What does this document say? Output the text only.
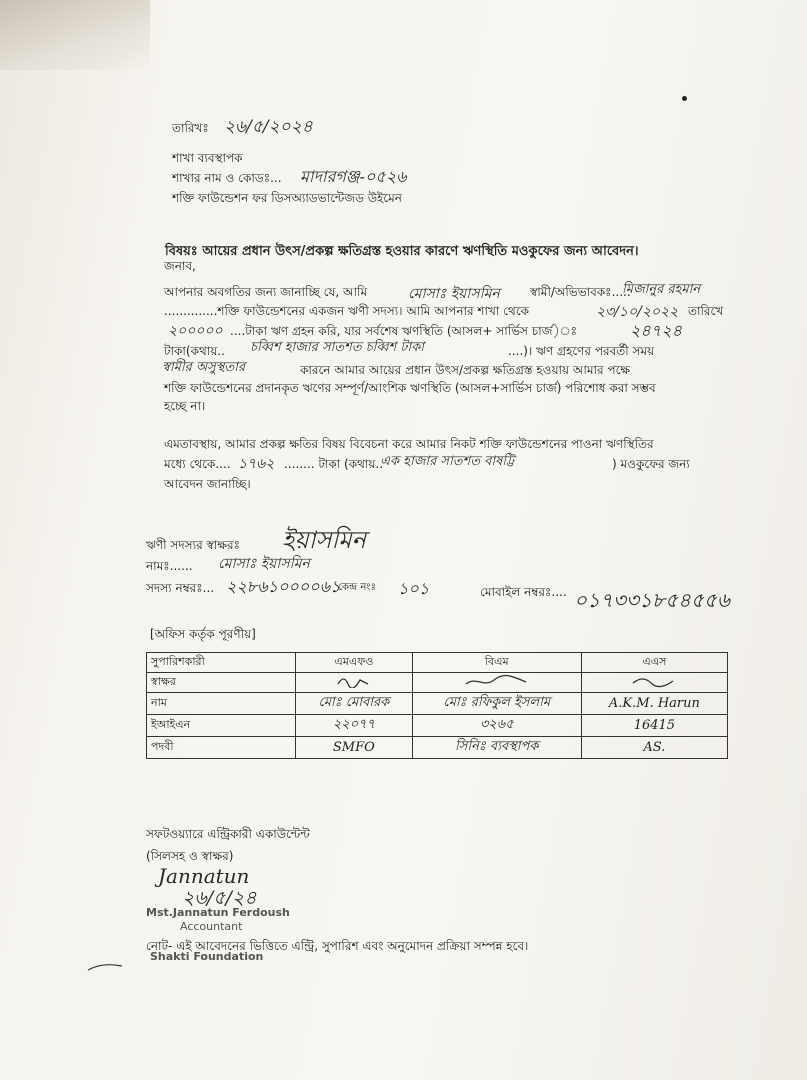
তারিখঃ ২৬/৫/২০২৪
শাখা ব্যবস্থাপক
শাখার নাম ও কোডঃ... মাদারগঞ্জ-০৫২৬
শক্তি ফাউন্ডেশন ফর ডিসঅ্যাডভান্টেজড উইমেন
বিষয়ঃ আয়ের প্রধান উৎস/প্রকল্প ক্ষতিগ্রস্ত হওয়ার কারণে ঋণস্থিতি মওকুফের জন্য আবেদন।
জনাব,
আপনার অবগতির জন্য জানাচ্ছি যে, আমি	মোসাঃ ইয়াসমিন	স্বামী/অভিভাবকঃ.....
মিজানুর রহমান
..............শক্তি ফাউন্ডেশনের একজন ঋণী সদস্য। আমি আপনার শাখা থেকে	২৩/১০/২০২২ তারিখে
২০০০০০ ....টাকা ঋণ গ্রহন করি, যার সর্বশেষ ঋণস্থিতি (আসল+ সার্ভিস চার্জ)ঃ	২৪৭২৪
টাকা(কথায়.. চব্বিশ হাজার সাতশত চব্বিশ টাকা	....)। ঋণ গ্রহণের পরবর্তী সময়
স্বামীর অসুস্থতার	কারনে আমার আয়ের প্রধান উৎস/প্রকল্প ক্ষতিগ্রস্ত হওয়ায় আমার পক্ষে
শক্তি ফাউন্ডেশনের প্রদানকৃত ঋণের সম্পূর্ণ/আংশিক ঋণস্থিতি (আসল+সার্ভিস চার্জ) পরিশোধ করা সম্ভব
হচ্ছে না।
এমতাবস্থায়, আমার প্রকল্প ক্ষতির বিষয় বিবেচনা করে আমার নিকট শক্তি ফাউন্ডেশনের পাওনা ঋণস্থিতির
মধ্যে থেকে.... ১৭৬২ ........ টাকা (কথায়..
এক হাজার সাতশত বাষট্টি	) মওকুফের জন্য
আবেদন জানাচ্ছি।
ঋণী সদস্যর স্বাক্ষরঃ ইয়াসমিন
নামঃ...... মোসাঃ ইয়াসমিন
সদস্য নম্বরঃ... ২২৮৬১০০০০৬১
কেন্দ্র নংঃ ১০১	মোবাইল নম্বরঃ.... ০১৭৩৩১৮৫৪৫৫৬
[অফিস কর্তৃক পূরণীয়]
সুপারিশকারী	এমএফও	বিএম	এএস
স্বাক্ষর			
নাম	মোঃ মোবারক	মোঃ রফিকুল ইসলাম	A.K.M. Harun
ইআইএন	২২০৭৭	৩২৬৫	16415
পদবী	SMFO	সিনিঃ ব্যবস্থাপক	AS.
সফটওয়্যারে এন্ট্রিকারী একাউন্টেন্ট
(সিলসহ ও স্বাক্ষর)
Jannatun
২৬/৫/২৪
Mst.Jannatun Ferdoush
Accountant
Shakti Foundation
নোট- এই আবেদনের ভিত্তিতে এন্ট্রি, সুপারিশ এবং অনুমোদন প্রক্রিয়া সম্পন্ন হবে।
